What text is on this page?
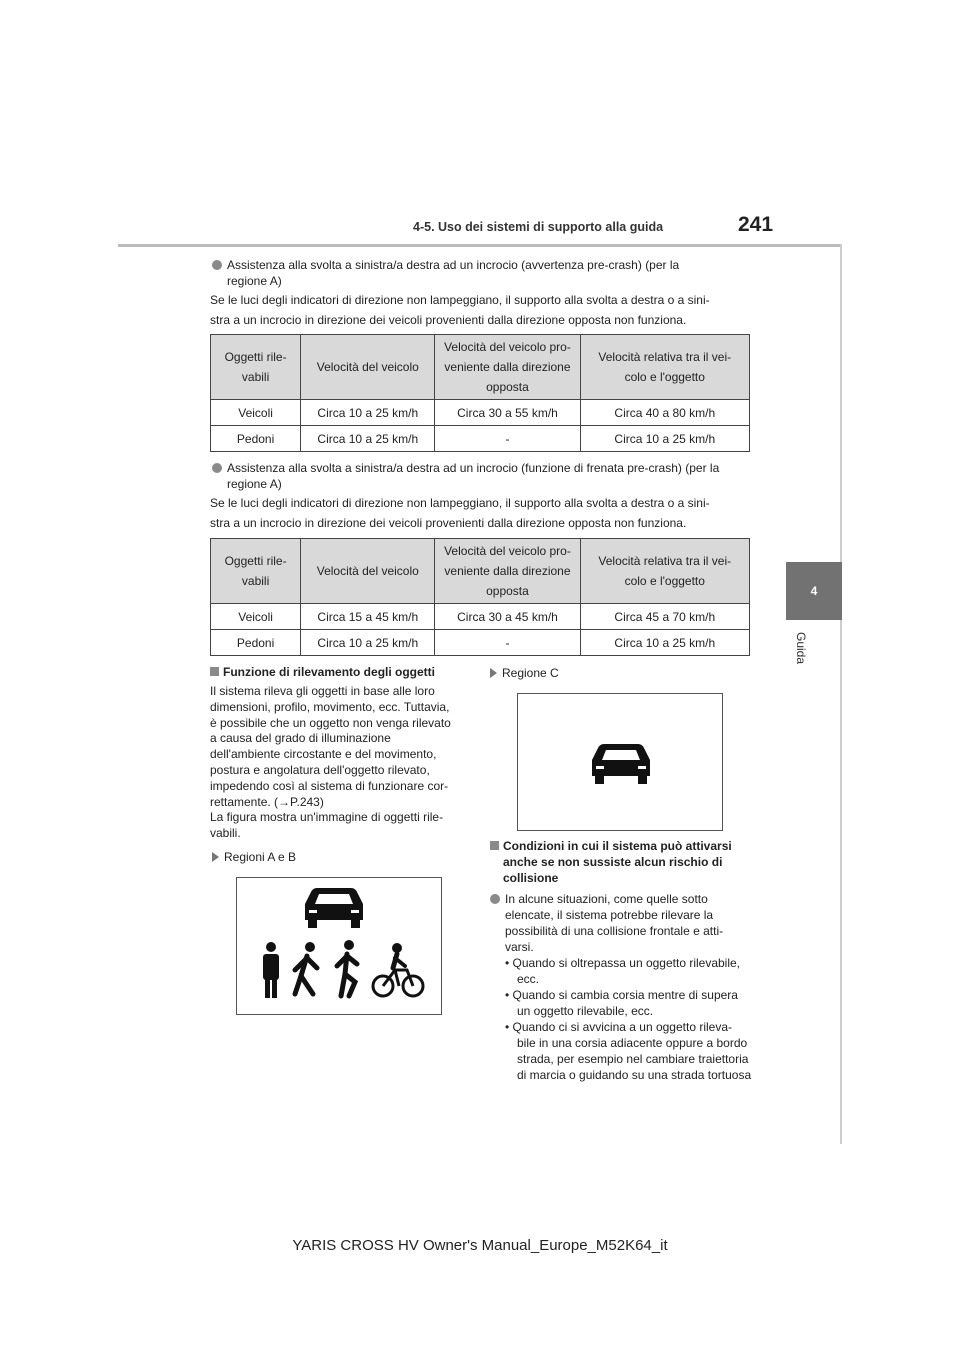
4-5. Uso dei sistemi di supporto alla guida	241
4
Guida
Assistenza alla svolta a sinistra/a destra ad un incrocio (avvertenza pre-crash) (per la
regione A)
Se le luci degli indicatori di direzione non lampeggiano, il supporto alla svolta a destra o a sini-
stra a un incrocio in direzione dei veicoli provenienti dalla direzione opposta non funziona.
Oggetti rile-
vabili	Velocità del veicolo	Velocità del veicolo pro-
veniente dalla direzione
opposta	Velocità relativa tra il vei-
colo e l'oggetto
Veicoli	Circa 10 a 25 km/h	Circa 30 a 55 km/h	Circa 40 a 80 km/h
Pedoni	Circa 10 a 25 km/h	-	Circa 10 a 25 km/h
Assistenza alla svolta a sinistra/a destra ad un incrocio (funzione di frenata pre-crash) (per la
regione A)
Se le luci degli indicatori di direzione non lampeggiano, il supporto alla svolta a destra o a sini-
stra a un incrocio in direzione dei veicoli provenienti dalla direzione opposta non funziona.
Oggetti rile-
vabili	Velocità del veicolo	Velocità del veicolo pro-
veniente dalla direzione
opposta	Velocità relativa tra il vei-
colo e l'oggetto
Veicoli	Circa 15 a 45 km/h	Circa 30 a 45 km/h	Circa 45 a 70 km/h
Pedoni	Circa 10 a 25 km/h	-	Circa 10 a 25 km/h
Funzione di rilevamento degli oggetti
Il sistema rileva gli oggetti in base alle loro
dimensioni, profilo, movimento, ecc. Tuttavia,
è possibile che un oggetto non venga rilevato
a causa del grado di illuminazione
dell'ambiente circostante e del movimento,
postura e angolatura dell'oggetto rilevato,
impedendo così al sistema di funzionare cor-
rettamente. (→P.243)
La figura mostra un'immagine di oggetti rile-
vabili.
Regioni A e B
Regione C
Condizioni in cui il sistema può attivarsi
anche se non sussiste alcun rischio di
collisione
In alcune situazioni, come quelle sotto
elencate, il sistema potrebbe rilevare la
possibilità di una collisione frontale e atti-
varsi.
• Quando si oltrepassa un oggetto rilevabile, ecc.
• Quando si cambia corsia mentre di supera un oggetto rilevabile, ecc.
• Quando ci si avvicina a un oggetto rileva- bile in una corsia adiacente oppure a bordo strada, per esempio nel cambiare traiettoria di marcia o guidando su una strada tortuosa
YARIS CROSS HV Owner's Manual_Europe_M52K64_it
